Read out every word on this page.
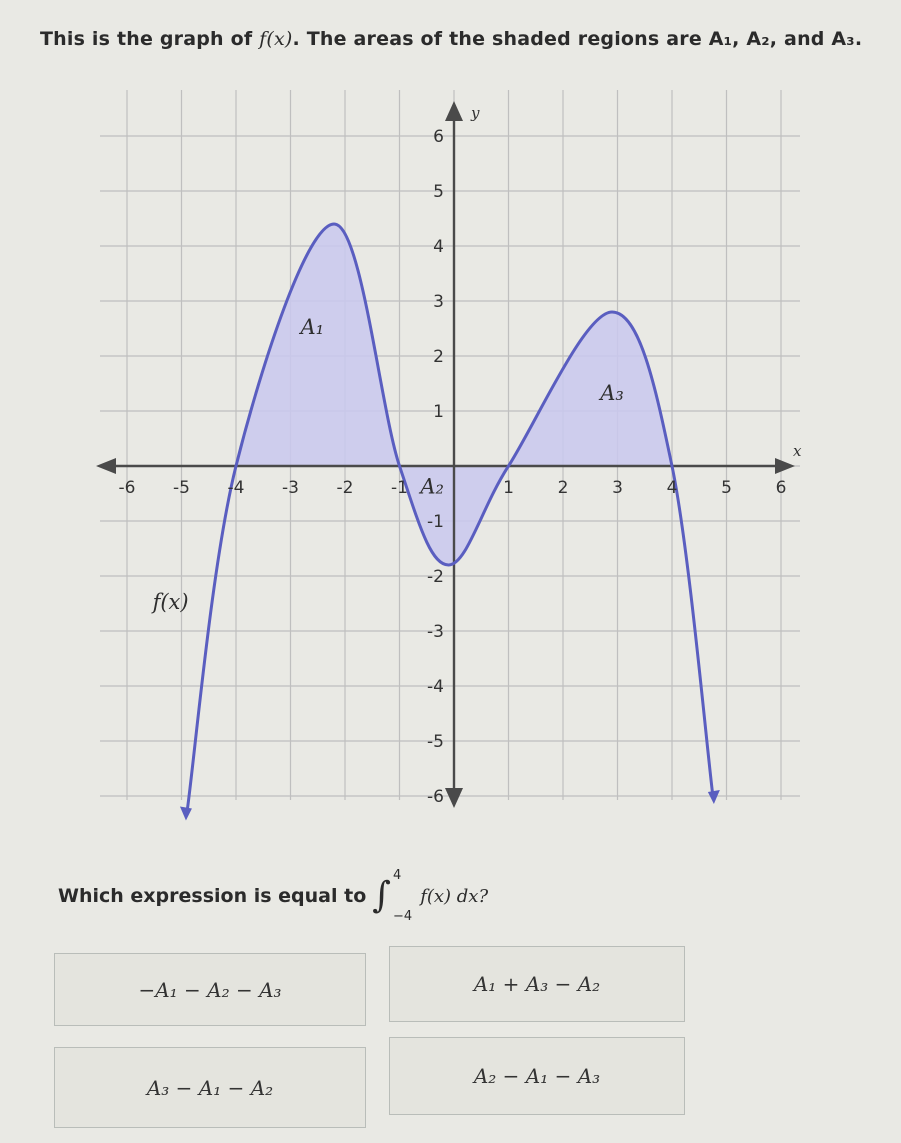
This is the graph of f(x). The areas of the shaded regions are A₁, A₂, and A₃.
-6 -5 -4 -3 -2 -1	1	2	3	4	5	6
6
5
4
3
2
1
-1
-2
-3
-4
-5
-6
x
y
A₁
A₂
A₃
f(x)
Which expression is equal to ∫ 4
−4
f(x) dx?
−A₁ − A₂ − A₃	A₁ + A₃ − A₂
A₃ − A₁ − A₂	A₂ − A₁ − A₃
